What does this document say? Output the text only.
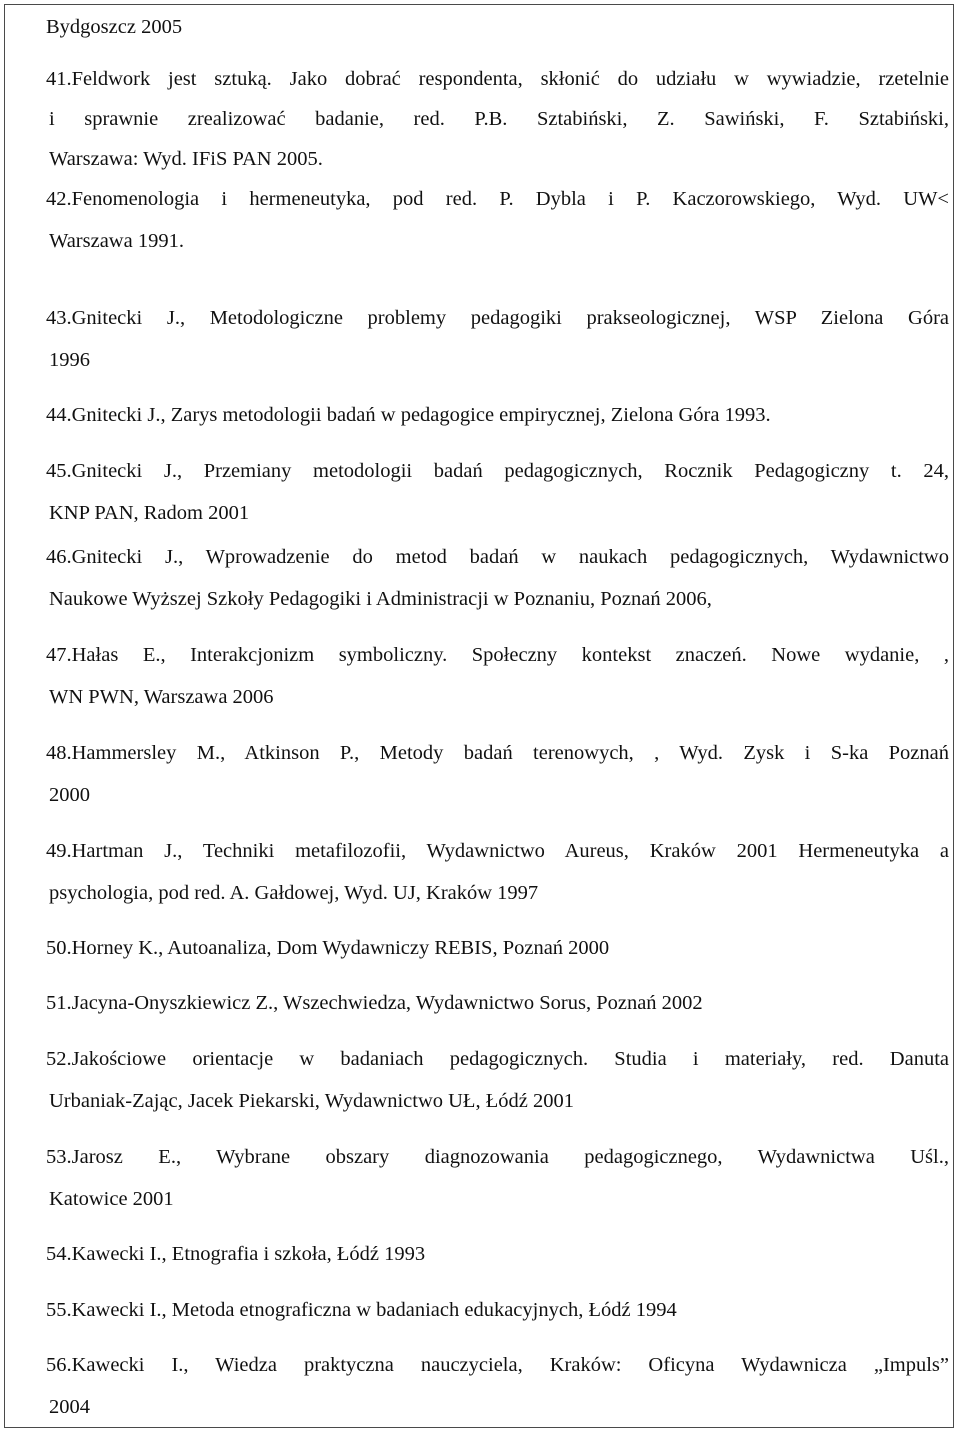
Bydgoszcz 2005
41.Feldwork jest sztuką. Jako dobrać respondenta, skłonić do udziału w wywiadzie, rzetelnie
i sprawnie zrealizować badanie, red. P.B. Sztabiński, Z. Sawiński, F. Sztabiński,
Warszawa: Wyd. IFiS PAN 2005.
42.Fenomenologia i hermeneutyka, pod red. P. Dybla i P. Kaczorowskiego, Wyd. UW<
Warszawa 1991.
43.Gnitecki J., Metodologiczne problemy pedagogiki prakseologicznej, WSP Zielona Góra
1996
44.Gnitecki J., Zarys metodologii badań w pedagogice empirycznej, Zielona Góra 1993.
45.Gnitecki J., Przemiany metodologii badań pedagogicznych, Rocznik Pedagogiczny t. 24,
KNP PAN, Radom 2001
46.Gnitecki J., Wprowadzenie do metod badań w naukach pedagogicznych, Wydawnictwo
Naukowe Wyższej Szkoły Pedagogiki i Administracji w Poznaniu, Poznań 2006,
47.Hałas E., Interakcjonizm symboliczny. Społeczny kontekst znaczeń. Nowe wydanie, ,
WN PWN, Warszawa 2006
48.Hammersley M., Atkinson P., Metody badań terenowych, , Wyd. Zysk i S-ka Poznań
2000
49.Hartman J., Techniki metafilozofii, Wydawnictwo Aureus, Kraków 2001 Hermeneutyka a
psychologia, pod red. A. Gałdowej, Wyd. UJ, Kraków 1997
50.Horney K., Autoanaliza, Dom Wydawniczy REBIS, Poznań 2000
51.Jacyna-Onyszkiewicz Z., Wszechwiedza, Wydawnictwo Sorus, Poznań 2002
52.Jakościowe orientacje w badaniach pedagogicznych. Studia i materiały, red. Danuta
Urbaniak-Zając, Jacek Piekarski, Wydawnictwo UŁ, Łódź 2001
53.Jarosz E., Wybrane obszary diagnozowania pedagogicznego, Wydawnictwa Uśl.,
Katowice 2001
54.Kawecki I., Etnografia i szkoła, Łódź 1993
55.Kawecki I., Metoda etnograficzna w badaniach edukacyjnych, Łódź 1994
56.Kawecki I., Wiedza praktyczna nauczyciela, Kraków: Oficyna Wydawnicza „Impuls”
2004
